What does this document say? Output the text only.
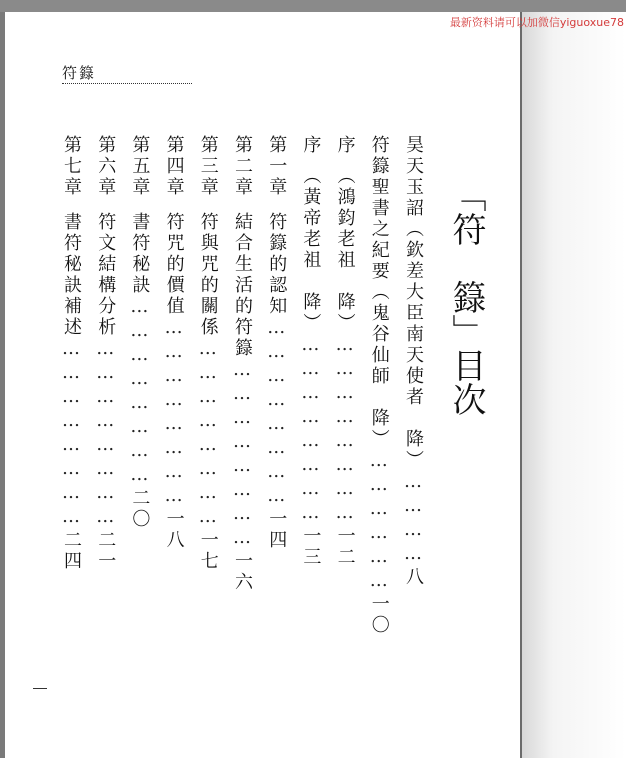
最新资料请可以加微信yiguoxue78
符籙
「符　籙」目次
昊天玉詔（欽差大臣南天使者　降）…………八
符籙聖書之紀要（鬼谷仙師　降）………………一〇
序（鴻鈞老祖　降）……………………一二
序（黃帝老祖　降）……………………一三
第一章符籙的認知……………………一四
第二章結合生活的符籙……………………一六
第三章符與咒的關係……………………一七
第四章符咒的價值……………………一八
第五章書符秘訣……………………二〇
第六章符文結構分析……………………二一
第七章書符秘訣補述……………………二四
